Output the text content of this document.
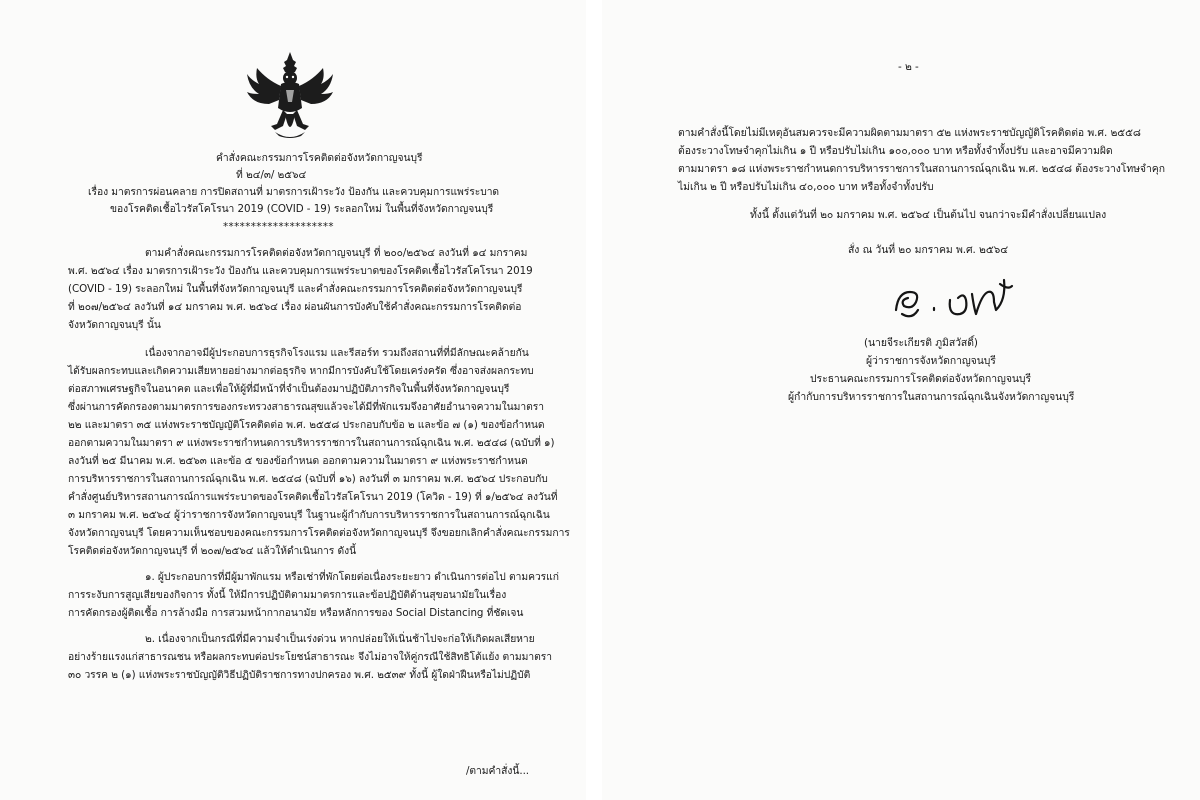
คำสั่งคณะกรรมการโรคติดต่อจังหวัดกาญจนบุรี
ที่ ๒๔/๓/ ๒๕๖๔
เรื่อง มาตรการผ่อนคลาย การปิดสถานที่ มาตรการเฝ้าระวัง ป้องกัน และควบคุมการแพร่ระบาด
ของโรคติดเชื้อไวรัสโคโรนา 2019 (COVID - 19) ระลอกใหม่ ในพื้นที่จังหวัดกาญจนบุรี
********************
ตามคำสั่งคณะกรรมการโรคติดต่อจังหวัดกาญจนบุรี ที่ ๒๐๐/๒๕๖๔ ลงวันที่ ๑๔ มกราคม
พ.ศ. ๒๕๖๔ เรื่อง มาตรการเฝ้าระวัง ป้องกัน และควบคุมการแพร่ระบาดของโรคติดเชื้อไวรัสโคโรนา 2019
(COVID - 19) ระลอกใหม่ ในพื้นที่จังหวัดกาญจนบุรี และคำสั่งคณะกรรมการโรคติดต่อจังหวัดกาญจนบุรี
ที่ ๒๐๗/๒๕๖๔ ลงวันที่ ๑๔ มกราคม พ.ศ. ๒๕๖๔ เรื่อง ผ่อนผันการบังคับใช้คำสั่งคณะกรรมการโรคติดต่อ
จังหวัดกาญจนบุรี นั้น
เนื่องจากอาจมีผู้ประกอบการธุรกิจโรงแรม และรีสอร์ท รวมถึงสถานที่ที่มีลักษณะคล้ายกัน
ได้รับผลกระทบและเกิดความเสียหายอย่างมากต่อธุรกิจ หากมีการบังคับใช้โดยเคร่งครัด ซึ่งอาจส่งผลกระทบ
ต่อสภาพเศรษฐกิจในอนาคต และเพื่อให้ผู้ที่มีหน้าที่จำเป็นต้องมาปฏิบัติภารกิจในพื้นที่จังหวัดกาญจนบุรี
ซึ่งผ่านการคัดกรองตามมาตรการของกระทรวงสาธารณสุขแล้วจะได้มีที่พักแรมจึงอาศัยอำนาจความในมาตรา
๒๒ และมาตรา ๓๕ แห่งพระราชบัญญัติโรคติดต่อ พ.ศ. ๒๕๕๘ ประกอบกับข้อ ๒ และข้อ ๗ (๑) ของข้อกำหนด
ออกตามความในมาตรา ๙ แห่งพระราชกำหนดการบริหารราชการในสถานการณ์ฉุกเฉิน พ.ศ. ๒๕๔๘ (ฉบับที่ ๑)
ลงวันที่ ๒๕ มีนาคม พ.ศ. ๒๕๖๓ และข้อ ๕ ของข้อกำหนด ออกตามความในมาตรา ๙ แห่งพระราชกำหนด
การบริหารราชการในสถานการณ์ฉุกเฉิน พ.ศ. ๒๕๔๘ (ฉบับที่ ๑๖) ลงวันที่ ๓ มกราคม พ.ศ. ๒๕๖๔ ประกอบกับ
คำสั่งศูนย์บริหารสถานการณ์การแพร่ระบาดของโรคติดเชื้อไวรัสโคโรนา 2019 (โควิด - 19) ที่ ๑/๒๕๖๔ ลงวันที่
๓ มกราคม พ.ศ. ๒๕๖๔ ผู้ว่าราชการจังหวัดกาญจนบุรี ในฐานะผู้กำกับการบริหารราชการในสถานการณ์ฉุกเฉิน
จังหวัดกาญจนบุรี โดยความเห็นชอบของคณะกรรมการโรคติดต่อจังหวัดกาญจนบุรี จึงขอยกเลิกคำสั่งคณะกรรมการ
โรคติดต่อจังหวัดกาญจนบุรี ที่ ๒๐๗/๒๕๖๔ แล้วให้ดำเนินการ ดังนี้
๑. ผู้ประกอบการที่มีผู้มาพักแรม หรือเช่าที่พักโดยต่อเนื่องระยะยาว ดำเนินการต่อไป ตามควรแก่
การระงับการสูญเสียของกิจการ ทั้งนี้ ให้มีการปฏิบัติตามมาตรการและข้อปฏิบัติด้านสุขอนามัยในเรื่อง
การคัดกรองผู้ติดเชื้อ การล้างมือ การสวมหน้ากากอนามัย หรือหลักการของ Social Distancing ที่ชัดเจน
๒. เนื่องจากเป็นกรณีที่มีความจำเป็นเร่งด่วน หากปล่อยให้เนิ่นช้าไปจะก่อให้เกิดผลเสียหาย
อย่างร้ายแรงแก่สาธารณชน หรือผลกระทบต่อประโยชน์สาธารณะ จึงไม่อาจให้คู่กรณีใช้สิทธิโต้แย้ง ตามมาตรา
๓๐ วรรค ๒ (๑) แห่งพระราชบัญญัติวิธีปฏิบัติราชการทางปกครอง พ.ศ. ๒๕๓๙ ทั้งนี้ ผู้ใดฝ่าฝืนหรือไม่ปฏิบัติ
/ตามคำสั่งนี้...
- ๒ -
ตามคำสั่งนี้โดยไม่มีเหตุอันสมควรจะมีความผิดตามมาตรา ๕๒ แห่งพระราชบัญญัติโรคติดต่อ พ.ศ. ๒๕๕๘
ต้องระวางโทษจำคุกไม่เกิน ๑ ปี หรือปรับไม่เกิน ๑๐๐,๐๐๐ บาท หรือทั้งจำทั้งปรับ และอาจมีความผิด
ตามมาตรา ๑๘ แห่งพระราชกำหนดการบริหารราชการในสถานการณ์ฉุกเฉิน พ.ศ. ๒๕๔๘ ต้องระวางโทษจำคุก
ไม่เกิน ๒ ปี หรือปรับไม่เกิน ๔๐,๐๐๐ บาท หรือทั้งจำทั้งปรับ
ทั้งนี้ ตั้งแต่วันที่ ๒๐ มกราคม พ.ศ. ๒๕๖๔ เป็นต้นไป จนกว่าจะมีคำสั่งเปลี่ยนแปลง
สั่ง ณ วันที่ ๒๐ มกราคม พ.ศ. ๒๕๖๔
(นายจีระเกียรติ ภูมิสวัสดิ์)
ผู้ว่าราชการจังหวัดกาญจนบุรี
ประธานคณะกรรมการโรคติดต่อจังหวัดกาญจนบุรี
ผู้กำกับการบริหารราชการในสถานการณ์ฉุกเฉินจังหวัดกาญจนบุรี
